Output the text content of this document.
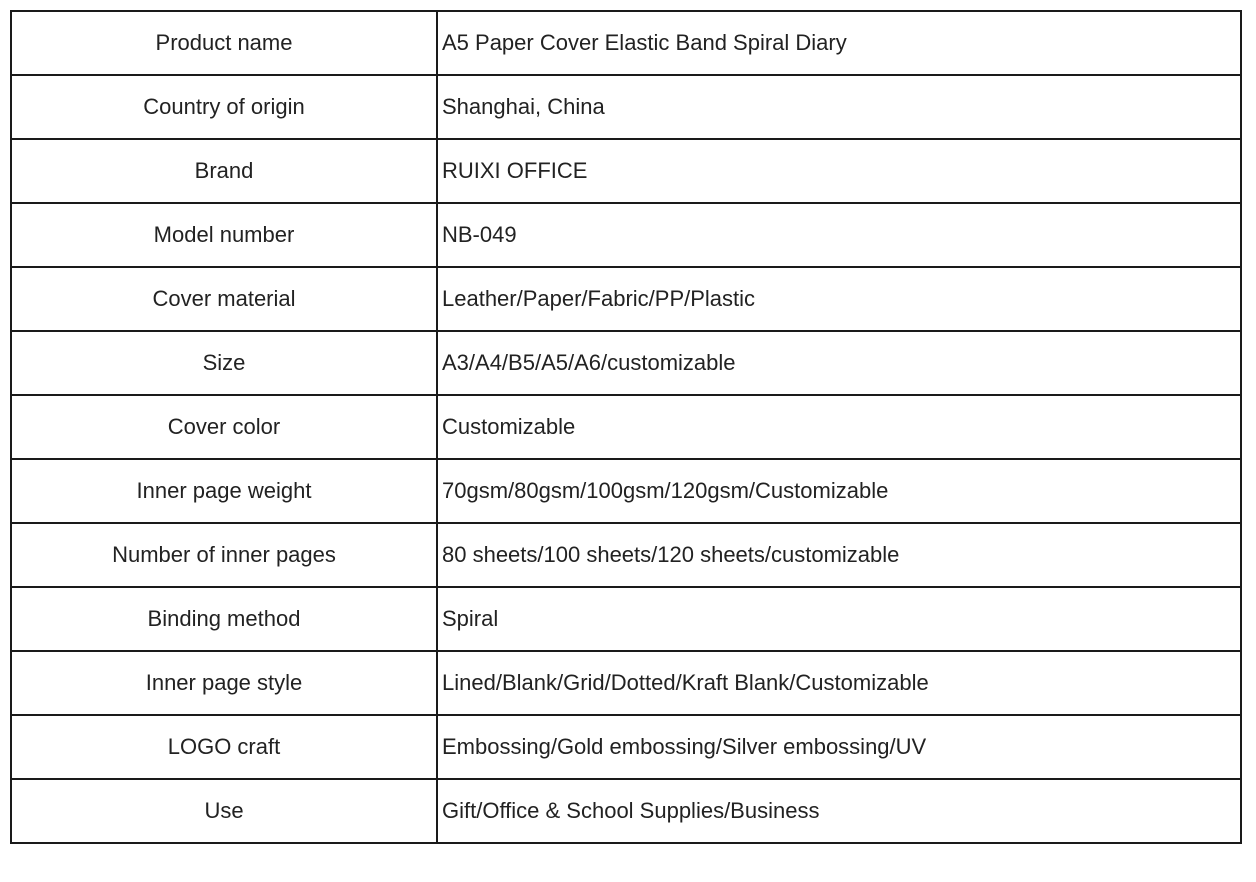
Product name	A5 Paper Cover Elastic Band Spiral Diary
Country of origin	Shanghai, China
Brand	RUIXI OFFICE
Model number	NB-049
Cover material	Leather/Paper/Fabric/PP/Plastic
Size	A3/A4/B5/A5/A6/customizable
Cover color	Customizable
Inner page weight	70gsm/80gsm/100gsm/120gsm/Customizable
Number of inner pages	80 sheets/100 sheets/120 sheets/customizable
Binding method	Spiral
Inner page style	Lined/Blank/Grid/Dotted/Kraft Blank/Customizable
LOGO craft	Embossing/Gold embossing/Silver embossing/UV
Use	Gift/Office & School Supplies/Business
